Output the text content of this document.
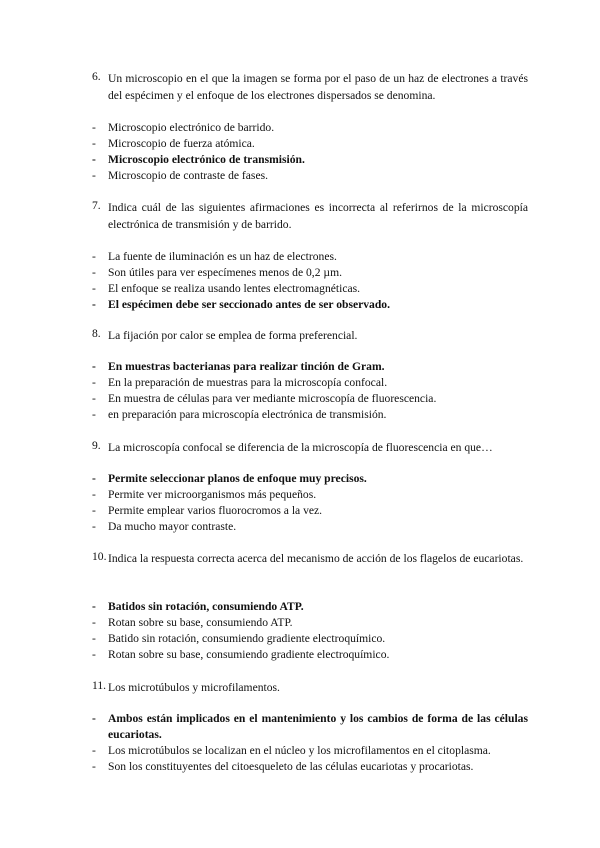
6. Un microscopio en el que la imagen se forma por el paso de un haz de electrones a través del espécimen y el enfoque de los electrones dispersados se denomina.
- Microscopio electrónico de barrido.
- Microscopio de fuerza atómica.
- Microscopio electrónico de transmisión.
- Microscopio de contraste de fases.
7. Indica cuál de las siguientes afirmaciones es incorrecta al referirnos de la microscopía electrónica de transmisión y de barrido.
- La fuente de iluminación es un haz de electrones.
- Son útiles para ver especímenes menos de 0,2 µm.
- El enfoque se realiza usando lentes electromagnéticas.
- El espécimen debe ser seccionado antes de ser observado.
8. La fijación por calor se emplea de forma preferencial.
- En muestras bacterianas para realizar tinción de Gram.
- En la preparación de muestras para la microscopía confocal.
- En muestra de células para ver mediante microscopía de fluorescencia.
- en preparación para microscopía electrónica de transmisión.
9. La microscopía confocal se diferencia de la microscopía de fluorescencia en que…
- Permite seleccionar planos de enfoque muy precisos.
- Permite ver microorganismos más pequeños.
- Permite emplear varios fluorocromos a la vez.
- Da mucho mayor contraste.
10. Indica la respuesta correcta acerca del mecanismo de acción de los flagelos de eucariotas.
- Batidos sin rotación, consumiendo ATP.
- Rotan sobre su base, consumiendo ATP.
- Batido sin rotación, consumiendo gradiente electroquímico.
- Rotan sobre su base, consumiendo gradiente electroquímico.
11. Los microtúbulos y microfilamentos.
- Ambos están implicados en el mantenimiento y los cambios de forma de las células eucariotas.
- Los microtúbulos se localizan en el núcleo y los microfilamentos en el citoplasma.
- Son los constituyentes del citoesqueleto de las células eucariotas y procariotas.
